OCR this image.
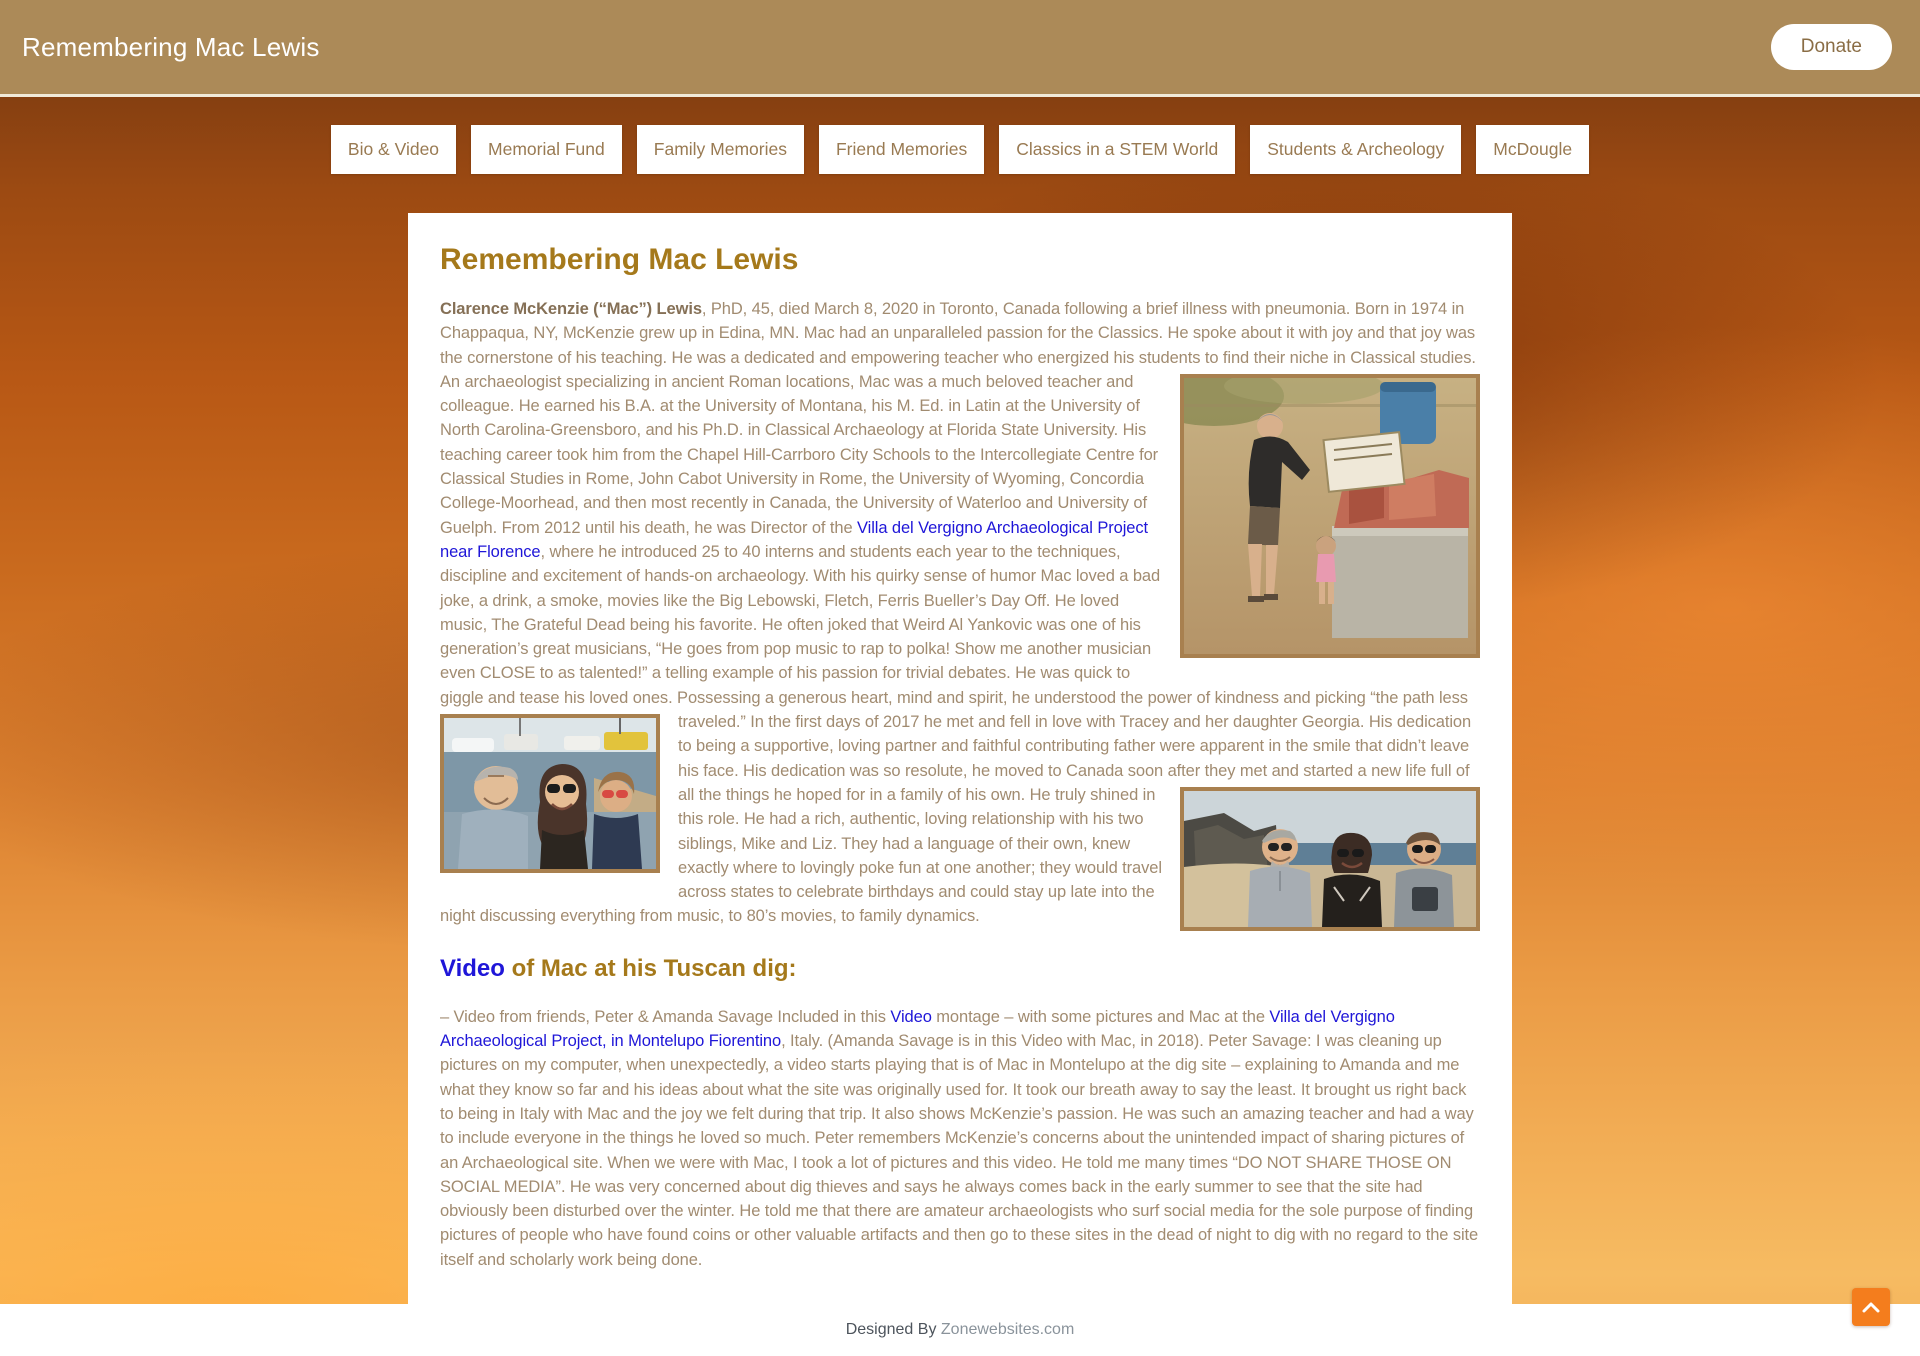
Remembering Mac Lewis	Donate
Bio & Video	Memorial Fund	Family Memories	Friend Memories	Classics in a STEM World	Students & Archeology	McDougle
Remembering Mac Lewis

Clarence McKenzie (“Mac”) Lewis, PhD, 45, died March 8, 2020 in Toronto, Canada following a brief illness with pneumonia. Born in 1974 in Chappaqua, NY, McKenzie grew up in Edina, MN. Mac had an unparalleled passion for the Classics. He spoke about it with joy and that joy was the cornerstone of his teaching. He was a dedicated and empowering teacher who energized his students to find their niche in Classical studies. An archaeologist specializing in
ancient Roman locations, Mac was a much beloved teacher and colleague. He earned his B.A. at the University of Montana, his M. Ed. in Latin at the University of North Carolina-Greensboro, and his Ph.D. in Classical Archaeology at Florida State University. His teaching career took him from the Chapel Hill-Carrboro City Schools to the Intercollegiate Centre for Classical Studies in Rome, John Cabot University in Rome, the University of Wyoming, Concordia College-Moorhead, and then most recently in Canada, the University of Waterloo and University of Guelph. From 2012 until his death, he was Director of the Villa del Vergigno Archaeological Project near Florence, where he introduced 25 to 40 interns and students each year to the techniques, discipline and excitement of hands-on archaeology. With his quirky sense of humor Mac loved a bad joke, a drink, a smoke, movies like the Big Lebowski, Fletch, Ferris Bueller’s Day Off. He loved music, The Grateful Dead being his favorite. He often joked that Weird Al Yankovic was one of his generation’s great musicians, “He goes from pop music to rap to polka! Show me another musician even CLOSE to as talented!” a telling example of his passion for trivial debates. He was quick to giggle and tease his loved ones. Possessing a generous heart, mind and spirit, he understood the power of kindness and picking “the
path less traveled.” In the first days of 2017 he met and fell in love with Tracey and her daughter Georgia. His dedication to being a supportive, loving partner and faithful contributing father were apparent in the smile that didn’t leave his face. His dedication was so resolute, he moved to Canada soon after they met and started a new life full of all the things he
hoped for in a family of his own. He truly shined in this role. He had a rich, authentic, loving relationship with his two siblings, Mike and Liz. They had a language of their own, knew exactly where to lovingly poke fun at one another; they would travel across states to celebrate birthdays and could stay up late into the night discussing everything from music, to 80’s movies, to family dynamics.

Video of Mac at his Tuscan dig:

– Video from friends, Peter & Amanda Savage Included in this Video montage – with some pictures and Mac at the Villa del Vergigno Archaeological Project, in Montelupo Fiorentino, Italy. (Amanda Savage is in this Video with Mac, in 2018). Peter Savage: I was cleaning up pictures on my computer, when unexpectedly, a video starts playing that is of Mac in Montelupo at the dig site – explaining to Amanda and me what they know so far and his ideas about what the site was originally used for. It took our breath away to say the least. It brought us right back to being in Italy with Mac and the joy we felt during that trip. It also shows McKenzie’s passion. He was such an amazing teacher and had a way to include everyone in the things he loved so much. Peter remembers McKenzie’s concerns about the unintended impact of sharing pictures of an Archaeological site. When we were with Mac, I took a lot of pictures and this video. He told me many times “DO NOT SHARE THOSE ON SOCIAL MEDIA”. He was very concerned about dig thieves and says he always comes back in the early summer to see that the site had obviously been disturbed over the winter. He told me that there are amateur archaeologists who surf social media for the sole purpose of finding pictures of people who have found coins or other valuable artifacts and then go to these sites in the dead of night to dig with no regard to the site itself and scholarly work being done.

Designed By
Zonewebsites.com
